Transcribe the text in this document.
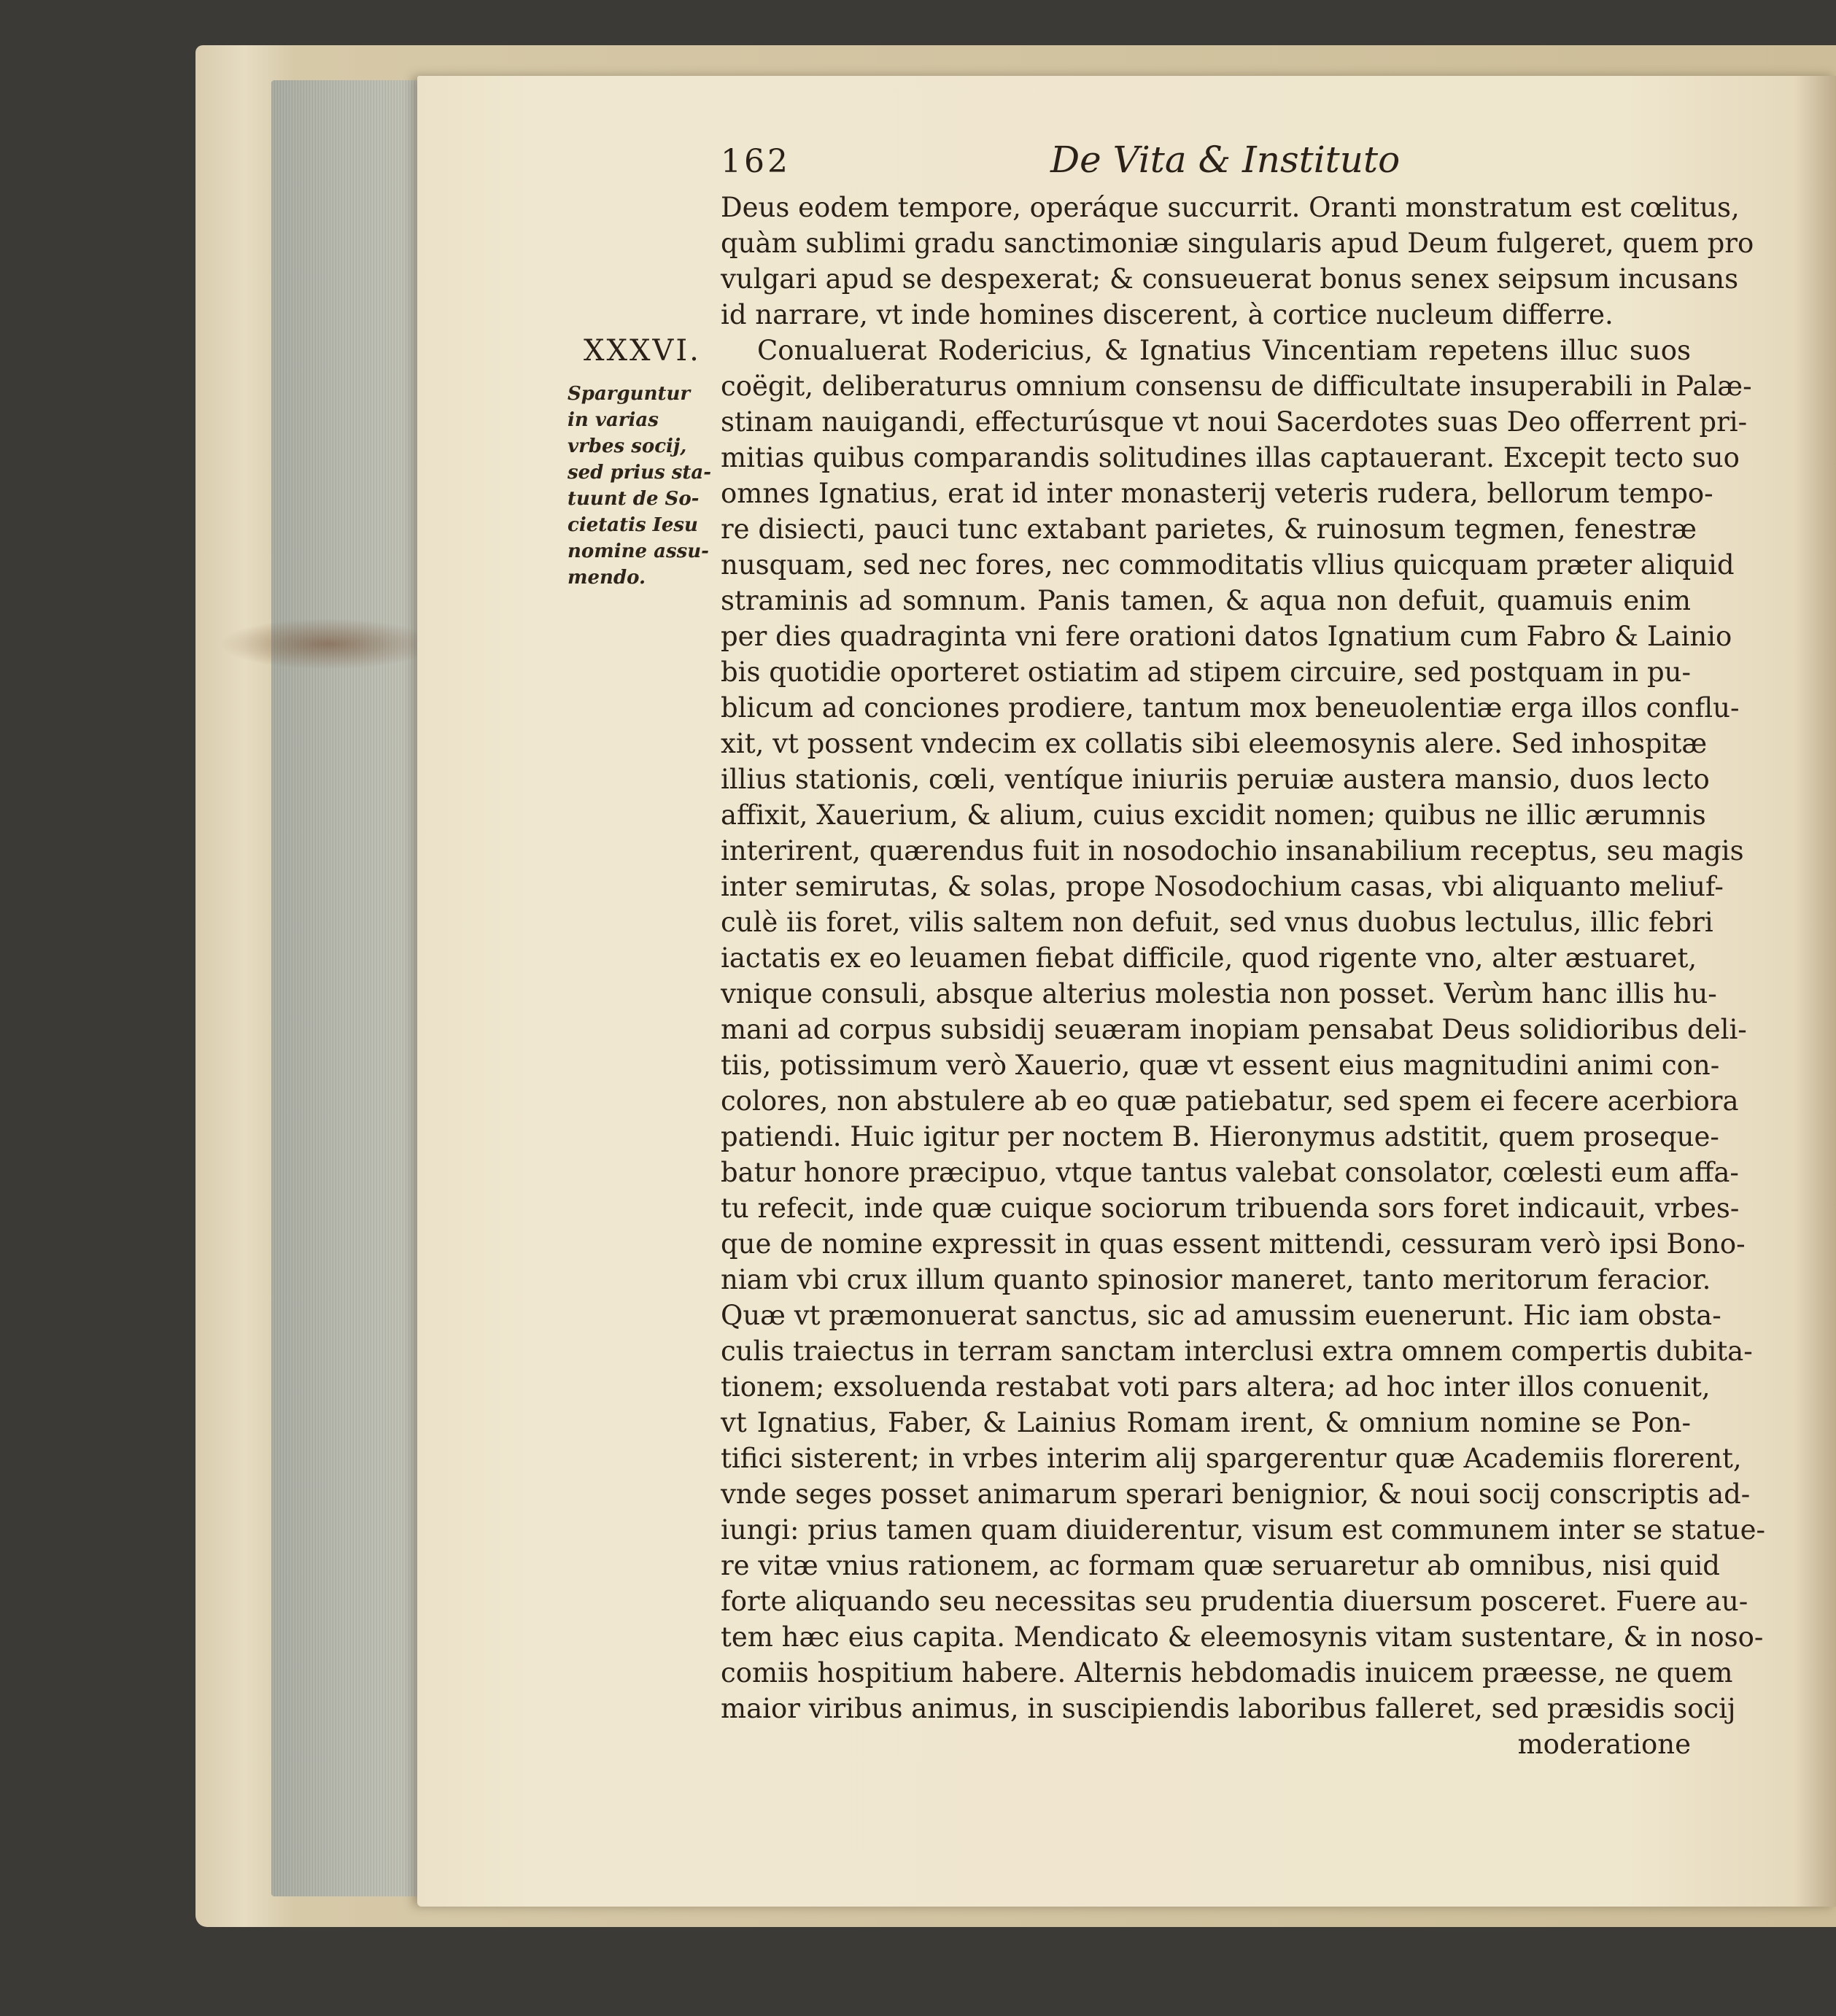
162	De Vita & Instituto
XXXVI.
Sparguntur
in varias
vrbes socij,
sed prius sta-
tuunt de So-
cietatis Iesu
nomine assu-
mendo.
Deus eodem tempore, operáque succurrit. Oranti monstratum est cœlitus,
quàm sublimi gradu sanctimoniæ singularis apud Deum fulgeret, quem pro
vulgari apud se despexerat; & consueuerat bonus senex seipsum incusans
id narrare, vt inde homines discerent, à cortice nucleum differre.
Conualuerat Rodericius, & Ignatius Vincentiam repetens illuc suos
coëgit, deliberaturus omnium consensu de difficultate insuperabili in Palæ-
stinam nauigandi, effecturúsque vt noui Sacerdotes suas Deo offerrent pri-
mitias quibus comparandis solitudines illas captauerant. Excepit tecto suo
omnes Ignatius, erat id inter monasterij veteris rudera, bellorum tempo-
re disiecti, pauci tunc extabant parietes, & ruinosum tegmen, fenestræ
nusquam, sed nec fores, nec commoditatis vllius quicquam præter aliquid
straminis ad somnum. Panis tamen, & aqua non defuit, quamuis enim
per dies quadraginta vni fere orationi datos Ignatium cum Fabro & Lainio
bis quotidie oporteret ostiatim ad stipem circuire, sed postquam in pu-
blicum ad conciones prodiere, tantum mox beneuolentiæ erga illos conflu-
xit, vt possent vndecim ex collatis sibi eleemosynis alere. Sed inhospitæ
illius stationis, cœli, ventíque iniuriis peruiæ austera mansio, duos lecto
affixit, Xauerium, & alium, cuius excidit nomen; quibus ne illic ærumnis
interirent, quærendus fuit in nosodochio insanabilium receptus, seu magis
inter semirutas, & solas, prope Nosodochium casas, vbi aliquanto meliuf-
culè iis foret, vilis saltem non defuit, sed vnus duobus lectulus, illic febri
iactatis ex eo leuamen fiebat difficile, quod rigente vno, alter æstuaret,
vnique consuli, absque alterius molestia non posset. Verùm hanc illis hu-
mani ad corpus subsidij seuæram inopiam pensabat Deus solidioribus deli-
tiis, potissimum verò Xauerio, quæ vt essent eius magnitudini animi con-
colores, non abstulere ab eo quæ patiebatur, sed spem ei fecere acerbiora
patiendi. Huic igitur per noctem B. Hieronymus adstitit, quem proseque-
batur honore præcipuo, vtque tantus valebat consolator, cœlesti eum affa-
tu refecit, inde quæ cuique sociorum tribuenda sors foret indicauit, vrbes-
que de nomine expressit in quas essent mittendi, cessuram verò ipsi Bono-
niam vbi crux illum quanto spinosior maneret, tanto meritorum feracior.
Quæ vt præmonuerat sanctus, sic ad amussim euenerunt. Hic iam obsta-
culis traiectus in terram sanctam interclusi extra omnem compertis dubita-
tionem; exsoluenda restabat voti pars altera; ad hoc inter illos conuenit,
vt Ignatius, Faber, & Lainius Romam irent, & omnium nomine se Pon-
tifici sisterent; in vrbes interim alij spargerentur quæ Academiis florerent,
vnde seges posset animarum sperari benignior, & noui socij conscriptis ad-
iungi: prius tamen quam diuiderentur, visum est communem inter se statue-
re vitæ vnius rationem, ac formam quæ seruaretur ab omnibus, nisi quid
forte aliquando seu necessitas seu prudentia diuersum posceret. Fuere au-
tem hæc eius capita. Mendicato & eleemosynis vitam sustentare, & in noso-
comiis hospitium habere. Alternis hebdomadis inuicem præesse, ne quem
maior viribus animus, in suscipiendis laboribus falleret, sed præsidis socij
moderatione
